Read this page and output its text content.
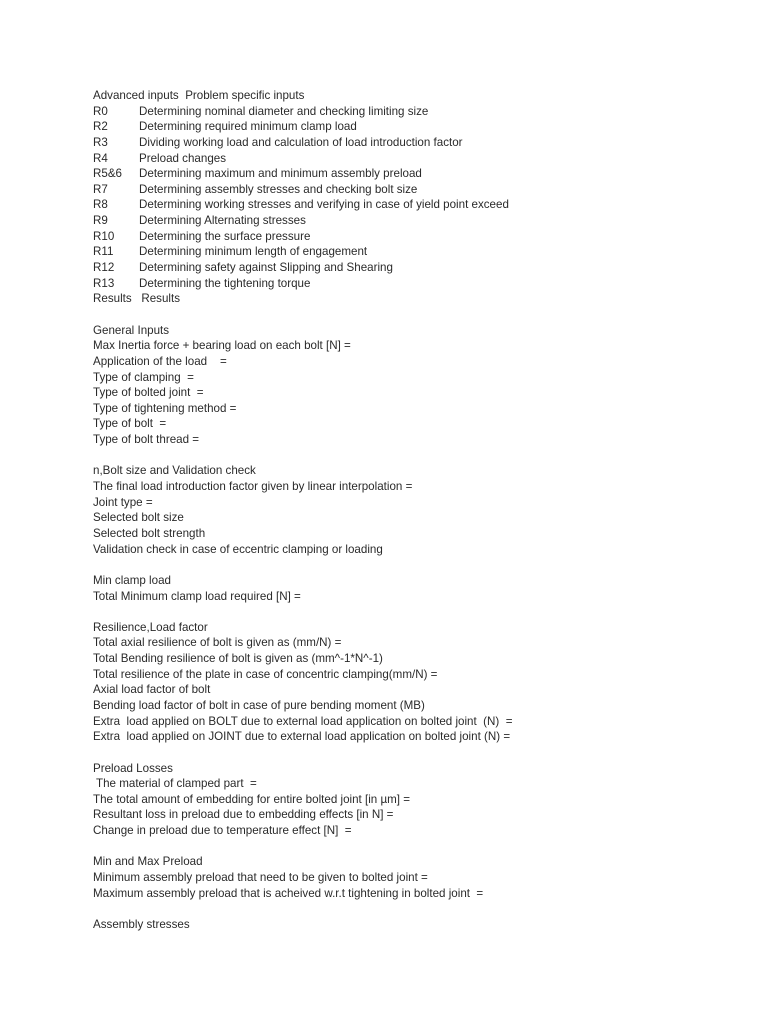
Advanced inputs Problem specific inputs
R0	Determining nominal diameter and checking limiting size
R2	Determining required minimum clamp load
R3	Dividing working load and calculation of load introduction factor
R4	Preload changes
R5&6 Determining maximum and minimum assembly preload
R7	Determining assembly stresses and checking bolt size
R8	Determining working stresses and verifying in case of yield point exceed
R9	Determining Alternating stresses
R10 Determining the surface pressure
R11 Determining minimum length of engagement
R12 Determining safety against Slipping and Shearing
R13 Determining the tightening torque
Results Results
General Inputs
Max Inertia force + bearing load on each bolt [N] =
Application of the load    =
Type of clamping  =
Type of bolted joint  =
Type of tightening method =
Type of bolt  =
Type of bolt thread =
n,Bolt size and Validation check
The final load introduction factor given by linear interpolation =
Joint type =
Selected bolt size
Selected bolt strength
Validation check in case of eccentric clamping or loading
Min clamp load
Total Minimum clamp load required [N] =
Resilience,Load factor
Total axial resilience of bolt is given as (mm/N) =
Total Bending resilience of bolt is given as (mm^-1*N^-1)
Total resilience of the plate in case of concentric clamping(mm/N) =
Axial load factor of bolt
Bending load factor of bolt in case of pure bending moment (MB)
Extra  load applied on BOLT due to external load application on bolted joint  (N)  =
Extra  load applied on JOINT due to external load application on bolted joint (N) =
Preload Losses
The material of clamped part  =
The total amount of embedding for entire bolted joint [in µm] =
Resultant loss in preload due to embedding effects [in N] =
Change in preload due to temperature effect [N]  =
Min and Max Preload
Minimum assembly preload that need to be given to bolted joint =
Maximum assembly preload that is acheived w.r.t tightening in bolted joint  =
Assembly stresses
